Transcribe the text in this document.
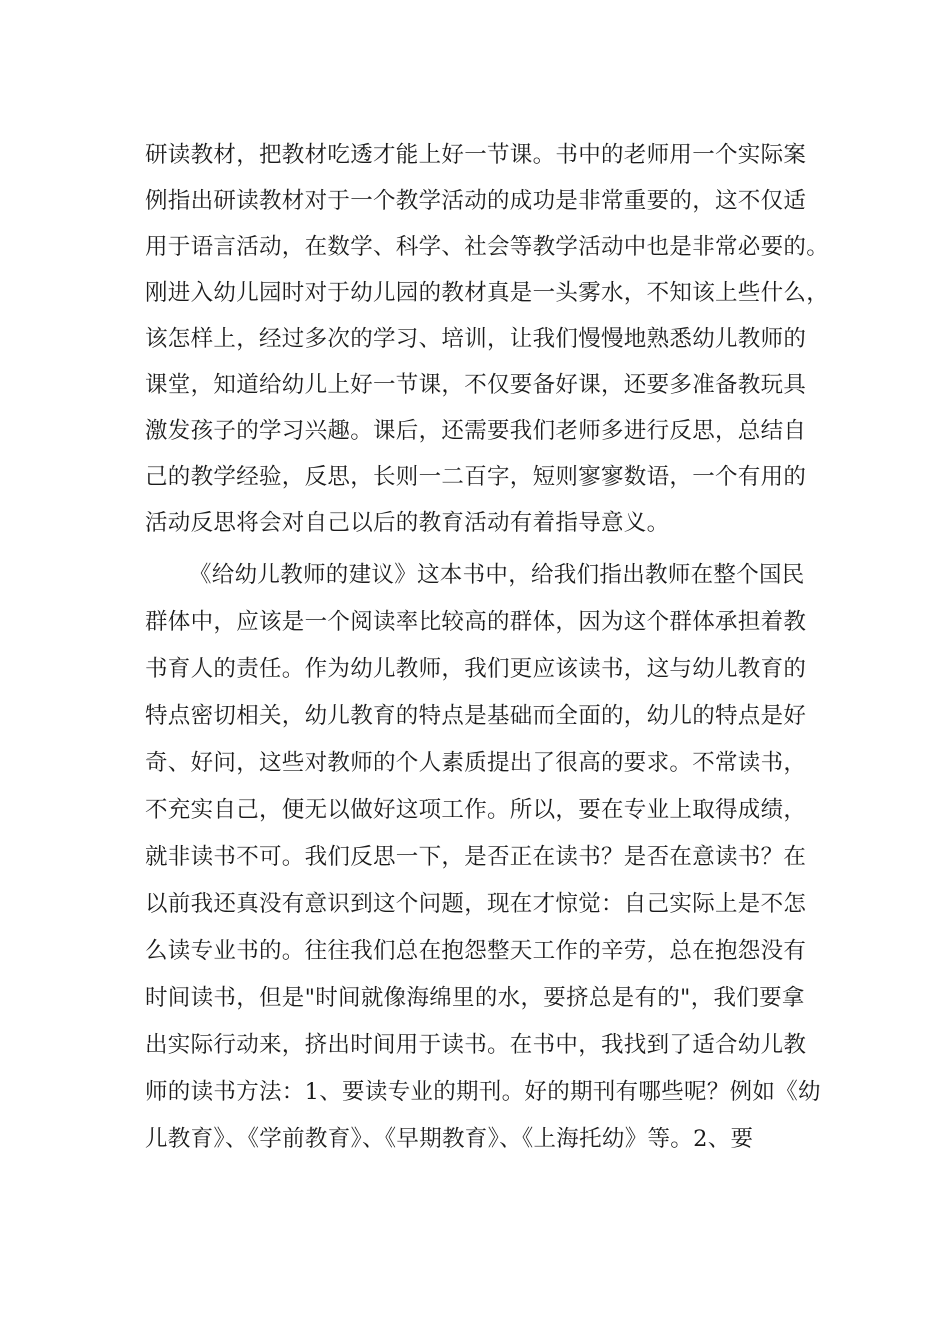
研读教材，把教材吃透才能上好一节课。书中的老师用一个实际案
例指出研读教材对于一个教学活动的成功是非常重要的，这不仅适
用于语言活动，在数学、科学、社会等教学活动中也是非常必要的。
刚进入幼儿园时对于幼儿园的教材真是一头雾水，不知该上些什么，
该怎样上，经过多次的学习、培训，让我们慢慢地熟悉幼儿教师的
课堂，知道给幼儿上好一节课，不仅要备好课，还要多准备教玩具
激发孩子的学习兴趣。课后，还需要我们老师多进行反思，总结自
己的教学经验，反思，长则一二百字，短则寥寥数语，一个有用的
活动反思将会对自己以后的教育活动有着指导意义。
《给幼儿教师的建议》这本书中，给我们指出教师在整个国民
群体中，应该是一个阅读率比较高的群体，因为这个群体承担着教
书育人的责任。作为幼儿教师，我们更应该读书，这与幼儿教育的
特点密切相关，幼儿教育的特点是基础而全面的，幼儿的特点是好
奇、好问，这些对教师的个人素质提出了很高的要求。不常读书，
不充实自己，便无以做好这项工作。所以，要在专业上取得成绩，
就非读书不可。我们反思一下，是否正在读书？是否在意读书？在
以前我还真没有意识到这个问题，现在才惊觉：自己实际上是不怎
么读专业书的。往往我们总在抱怨整天工作的辛劳，总在抱怨没有
时间读书，但是"时间就像海绵里的水，要挤总是有的"，我们要拿
出实际行动来，挤出时间用于读书。在书中，我找到了适合幼儿教
师的读书方法：1、要读专业的期刊。好的期刊有哪些呢？例如《幼
儿教育》、《学前教育》、《早期教育》、《上海托幼》等。2、要
